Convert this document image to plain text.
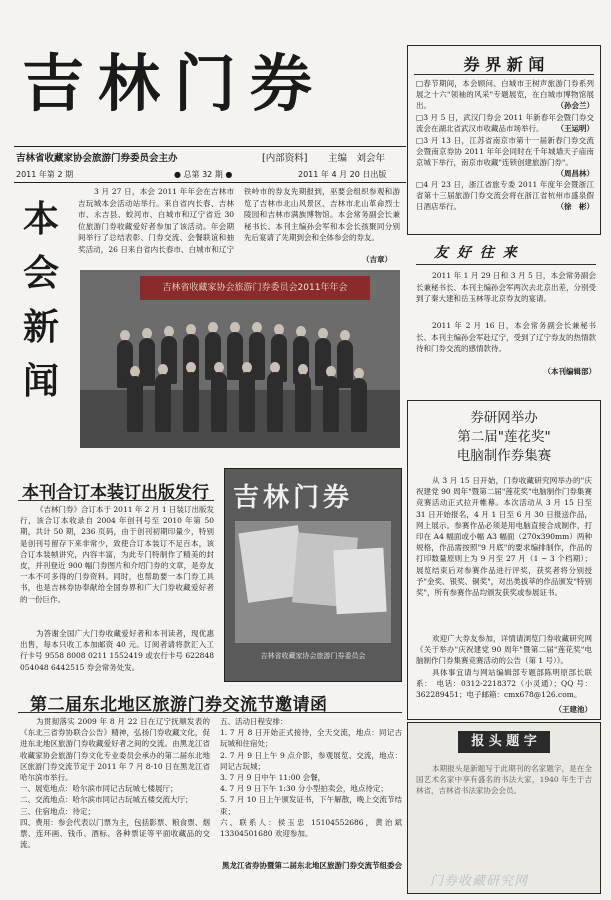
吉林门券
吉林省收藏家协会旅游门券委员会主办	[内部资料] 主编　刘会年
2011 年第 2 期	● 总第 32 期 ●	2011 年 4 月 20 日出版
本
会
新
闻

3 月 27 日，本会 2011 年年会在吉林市吉玩城本会活动站举行。来自省内长春、吉林市、永吉县、蛟河市、白城市和辽宁省近 30 位旅游门券收藏爱好者参加了该活动。年会期间举行了总结表彰、门券交流、会餐联谊和抽奖活动，26 日来自省内长春市、白城市和辽宁铁岭市的券友先期报到，巫要会组织参观和游览了吉林市北山风景区、吉林市北山革命烈士陵园和吉林市满族博物馆。本会常务副会长兼秘书长、本刊主编孙会军和本会长孩聚同分别先后宴请了先期到会和全体参会的券友。

（吉章）
吉林省收藏家协会旅游门券委员会2011年年会
券 界 新 闻

□春节期间，本会顾问、白城市王树声旅游门券系列展之十六"领袖的风采"专题展览，在白城市博物馆展出。	（孙会兰）

□3 月 5 日，武汉门券会 2011 年新春年会暨门券交流会在湖北省武汉市收藏品市场举行。 （王运明）

□3 月 13 日，江苏省南京市第十一届新春门券交流会暨南京券协 2011 年年会同时在千年城墙天子庙南京城下举行，南京市收藏"连锁创建旅游门券"。
（周昌林）

□4 月 23 日，浙江省旅专委 2011 年度年会暨浙江省第十三届旅游门券交流会将在浙江省杭州市盛泉假日酒店举行。	（徐　彬）

友 好 往 来

2011 年 1 月 29 日和 3 月 5 日，本会常务副会长兼秘书长、本刊主编孙会军两次去北京出差，分别受到了秦大建和岳玉林等北京券友的宴请。

2011 年 2 月 16 日，本会常务副会长兼秘书长、本刊主编孙会军赴辽宁，受到了辽宁券友的热情款待和门券交流的感情款待。

（本刊编辑部）
券研网举办
第二届"莲花奖"
电脑制作券集赛

从 3 月 15 日开始，门券收藏研究网举办的"庆祝建党 90 周年"暨第二届"莲花奖"电脑制作门券集赛竞赛活动正式拉开帷幕。本次活动从 3 月 15 日至 31 日开始报名，4 月 1 日至 6 月 30 日报送作品，网上展示。参赛作品必须是用电脑直接合成制作，打印在 A4 幅面或小幅 A3 幅面（270x390mm）两种规格，作品需按照"9 月底"的要求编排制作，作品的打印数量原则上为 9 月至 27 月（1 ~ 3 个档期）；展览结束后对参赛作品进行评奖，获奖者将分别授予"金奖、银奖、铜奖"，对出类拔萃的作品颁发"特别奖"，所有参赛作品均颁发获奖或参展证书。

欢迎广大券友参加，详情请浏览门券收藏研究网《关于举办"庆祝建党 90 周年"暨第二届"莲花奖"电脑制作门券集赛竞赛活动的公告（第 1 号）》。

具体事宜请与网站编辑部专题部陈明原部长联系：　电话：0312-2218372（小灵通）；QQ 号：362289451；电子邮箱：cmx678@126.com。

（王建池）
本刊合订本装订出版发行

《吉林门券》合订本于 2011 年 2 月 1 日装订出版发行，该合订本收录自 2004 年创刊号至 2010 年第 50 期，共计 50 期，236 页码，由于创刊初期印量少，特别是创刊号留存下来非常少，致使合订本装订不足百本，该合订本装帧讲究，内容丰富，为此专门特制作了精美的封皮，并刊登近 900 幅门券图片和介绍门券的文章，是券友一本不可多得的门券资料。同时，也帮助要一本门券工具书，也是吉林券协奉献给全国券界和广大门券收藏爱好者的一份巨作。

为答谢全国广大门券收藏爱好者和本刊读者，现优惠出售，每本只收工本加邮资 40 元。订阅者请将款汇入工行卡号 9558 8008 0211 1552419 或农行卡号 622848 054048 6442515 券会常务处发。

吉林门券
吉林省收藏家协会旅游门券委员会
第二届东北地区旅游门券交流节邀请函

为贯彻落实 2009 年 8 月 22 日在辽宁抚顺发表的《东北三省券协联合公告》精神，弘扬门券收藏文化，促进东北地区旅游门券收藏爱好者之间的交流。由黑龙江省收藏家协会旅游门券文化专业委员会承办的第二届东北地区旅游门券交流节定于 2011 年 7 月 8-10 日在黑龙江省哈尔滨市举行。
一、展览地点：哈尔滨市同记古玩城七楼展厅；
二、交流地点：哈尔滨市同记古玩城五楼交流大厅；
三、住宿地点：待定；
四、费用：参会代表以门票为主，包括影票、粮食票、烟票、连环画、钱币、酒标、各种票证等平面收藏品的交流。

五、活动日程安排：
1. 7 月 8 日开始正式接待，全天交流，地点：同记古玩城和住宿处；
2. 7 月 9 日上午 9 点介影，参观展览、交流，地点：同记古玩城；
3. 7 月 9 日中午 11:00 会餐，
4. 7 月 9 日下午 1:30 分小型拍卖会，地点待定；
5. 7 月 10 日上午颁发证书，下午解散，晚上交流节结束；
六、联系人：侯玉忠 15104552686，黄治斌 13304501680 欢迎参加。

黑龙江省券协暨第二届东北地区旅游门券交流节组委会
报 头 题 字

本期报头是新题写于此期刊的名家题字，是在全国艺术名家中享有盛名的书法大家，1940 年生于吉林省，吉林省书法家协会会员。

门券收藏研究网
